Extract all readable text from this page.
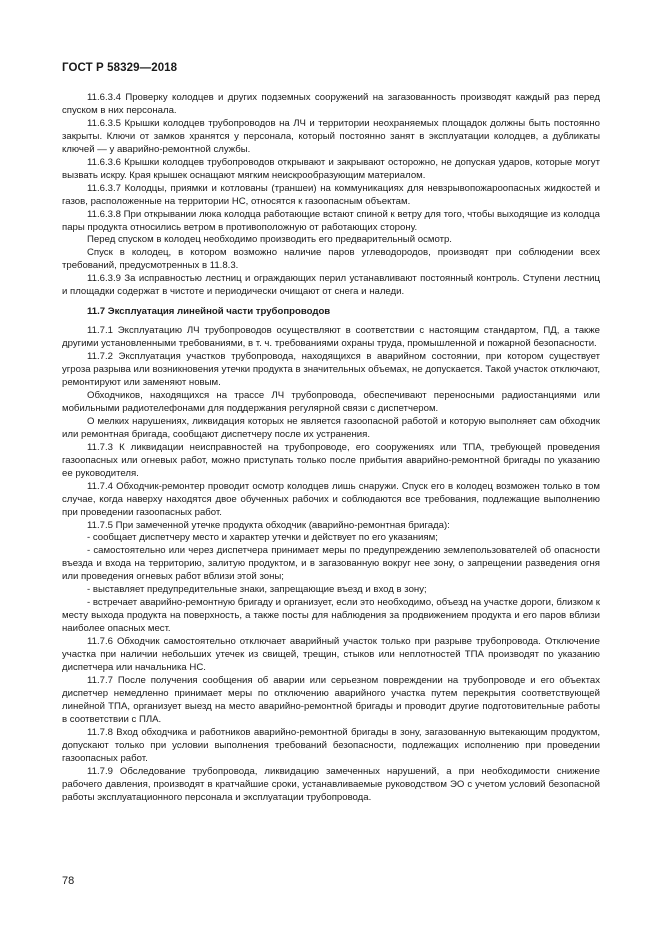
ГОСТ Р 58329—2018

11.6.3.4 Проверку колодцев и других подземных сооружений на загазованность производят каждый раз перед спуском в них персонала.

11.6.3.5 Крышки колодцев трубопроводов на ЛЧ и территории неохраняемых площадок должны быть постоянно закрыты. Ключи от замков хранятся у персонала, который постоянно занят в эксплуатации колодцев, а дубликаты ключей — у аварийно-ремонтной службы.

11.6.3.6 Крышки колодцев трубопроводов открывают и закрывают осторожно, не допуская ударов, которые могут вызвать искру. Края крышек оснащают мягким неискрообразующим материалом.

11.6.3.7 Колодцы, приямки и котлованы (траншеи) на коммуникациях для невзрывопожароопасных жидкостей и газов, расположенные на территории НС, относятся к газоопасным объектам.

11.6.3.8 При открывании люка колодца работающие встают спиной к ветру для того, чтобы выходящие из колодца пары продукта относились ветром в противоположную от работающих сторону.

Перед спуском в колодец необходимо производить его предварительный осмотр.

Спуск в колодец, в котором возможно наличие паров углеводородов, производят при соблюдении всех требований, предусмотренных в 11.8.3.

11.6.3.9 За исправностью лестниц и ограждающих перил устанавливают постоянный контроль. Ступени лестниц и площадки содержат в чистоте и периодически очищают от снега и наледи.

11.7 Эксплуатация линейной части трубопроводов

11.7.1 Эксплуатацию ЛЧ трубопроводов осуществляют в соответствии с настоящим стандартом, ПД, а также другими установленными требованиями, в т. ч. требованиями охраны труда, промышленной и пожарной безопасности.

11.7.2 Эксплуатация участков трубопровода, находящихся в аварийном состоянии, при котором существует угроза разрыва или возникновения утечки продукта в значительных объемах, не допускается. Такой участок отключают, ремонтируют или заменяют новым.

Обходчиков, находящихся на трассе ЛЧ трубопровода, обеспечивают переносными радиостанциями или мобильными радиотелефонами для поддержания регулярной связи с диспетчером.

О мелких нарушениях, ликвидация которых не является газоопасной работой и которую выполняет сам обходчик или ремонтная бригада, сообщают диспетчеру после их устранения.

11.7.3 К ликвидации неисправностей на трубопроводе, его сооружениях или ТПА, требующей проведения газоопасных или огневых работ, можно приступать только после прибытия аварийно-ремонтной бригады по указанию ее руководителя.

11.7.4 Обходчик-ремонтер проводит осмотр колодцев лишь снаружи. Спуск его в колодец возможен только в том случае, когда наверху находятся двое обученных рабочих и соблюдаются все требования, подлежащие выполнению при проведении газоопасных работ.

11.7.5 При замеченной утечке продукта обходчик (аварийно-ремонтная бригада):

- сообщает диспетчеру место и характер утечки и действует по его указаниям;

- самостоятельно или через диспетчера принимает меры по предупреждению землепользователей об опасности въезда и входа на территорию, залитую продуктом, и в загазованную вокруг нее зону, о запрещении разведения огня или проведения огневых работ вблизи этой зоны;

- выставляет предупредительные знаки, запрещающие въезд и вход в зону;

- встречает аварийно-ремонтную бригаду и организует, если это необходимо, объезд на участке дороги, близком к месту выхода продукта на поверхность, а также посты для наблюдения за продвижением продукта и его паров вблизи наиболее опасных мест.

11.7.6 Обходчик самостоятельно отключает аварийный участок только при разрыве трубопровода. Отключение участка при наличии небольших утечек из свищей, трещин, стыков или неплотностей ТПА производят по указанию диспетчера или начальника НС.

11.7.7 После получения сообщения об аварии или серьезном повреждении на трубопроводе и его объектах диспетчер немедленно принимает меры по отключению аварийного участка путем перекрытия соответствующей линейной ТПА, организует выезд на место аварийно-ремонтной бригады и проводит другие подготовительные работы в соответствии с ПЛА.

11.7.8 Вход обходчика и работников аварийно-ремонтной бригады в зону, загазованную вытекающим продуктом, допускают только при условии выполнения требований безопасности, подлежащих исполнению при проведении газоопасных работ.

11.7.9 Обследование трубопровода, ликвидацию замеченных нарушений, а при необходимости снижение рабочего давления, производят в кратчайшие сроки, устанавливаемые руководством ЭО с учетом условий безопасной работы эксплуатационного персонала и эксплуатации трубопровода.

78
